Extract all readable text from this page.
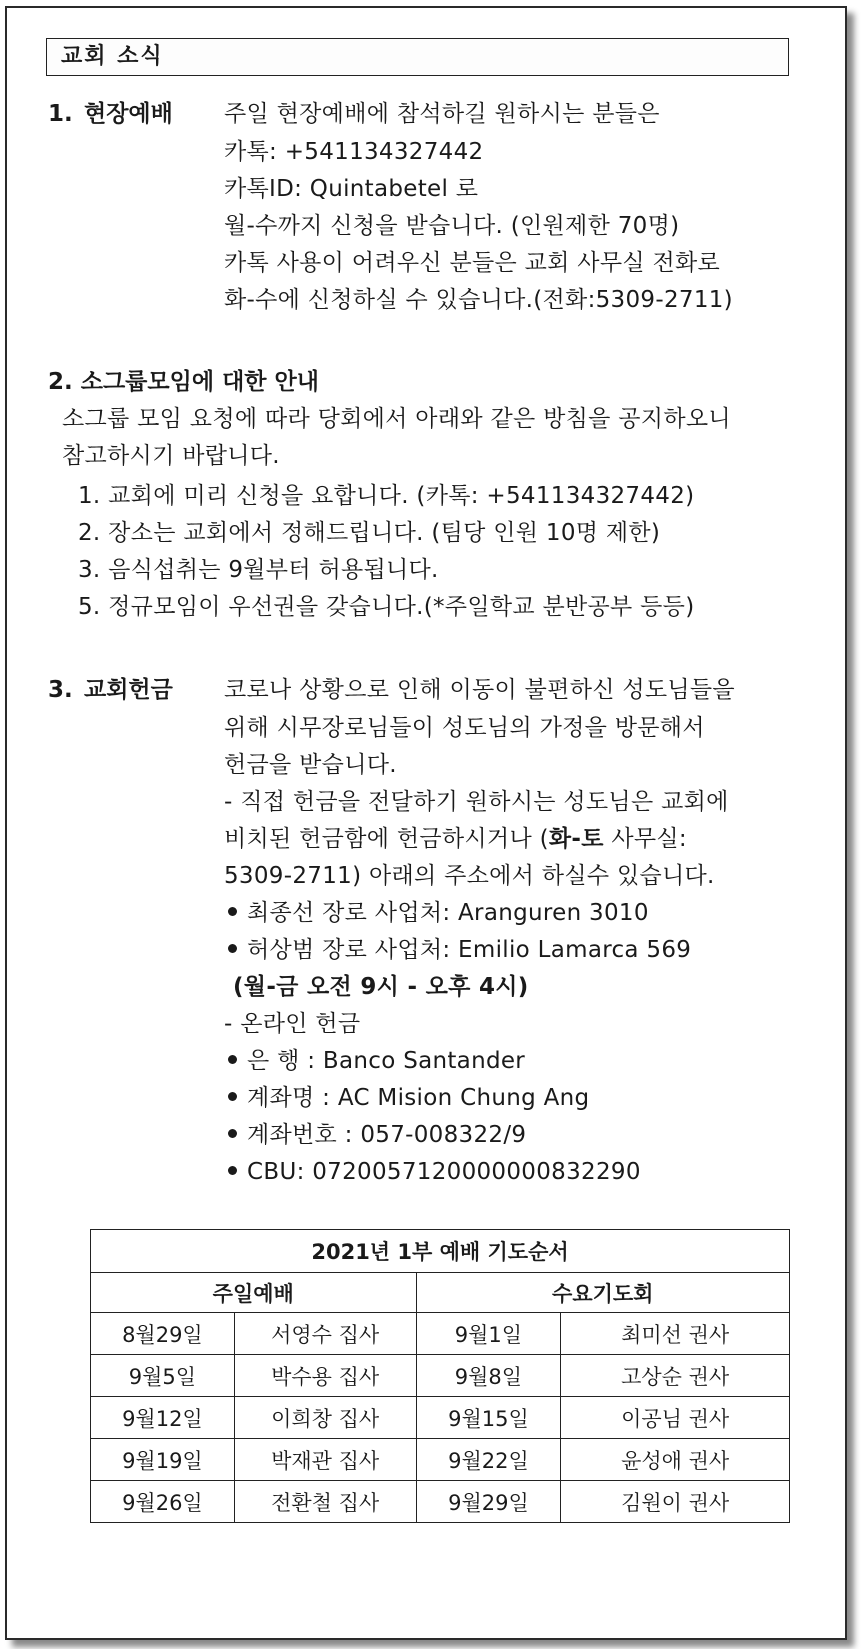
교회 소식
1. 현장예배 주일 현장예배에 참석하길 원하시는 분들은
카톡: +541134327442
카톡ID: Quintabetel 로
월-수까지 신청을 받습니다. (인원제한 70명)
카톡 사용이 어려우신 분들은 교회 사무실 전화로
화-수에 신청하실 수 있습니다.(전화:5309-2711)
2. 소그룹모임에 대한 안내
소그룹 모임 요청에 따라 당회에서 아래와 같은 방침을 공지하오니
참고하시기 바랍니다.
1. 교회에 미리 신청을 요합니다. (카톡: +541134327442)
2. 장소는 교회에서 정해드립니다. (팀당 인원 10명 제한)
3. 음식섭취는 9월부터 허용됩니다.
5. 정규모임이 우선권을 갖습니다.(*주일학교 분반공부 등등)
3. 교회헌금 코로나 상황으로 인해 이동이 불편하신 성도님들을
위해 시무장로님들이 성도님의 가정을 방문해서
헌금을 받습니다.
- 직접 헌금을 전달하기 원하시는 성도님은 교회에
비치된 헌금함에 헌금하시거나 (화-토 사무실:
5309-2711) 아래의 주소에서 하실수 있습니다.
최종선 장로 사업처: Aranguren 3010
허상범 장로 사업처: Emilio Lamarca 569
(월-금 오전 9시 - 오후 4시)
- 온라인 헌금
은 행 : Banco Santander
계좌명 : AC Mision Chung Ang
계좌번호 : 057-008322/9
CBU: 0720057120000000832290
2021년 1부 예배 기도순서			
주일예배		수요기도회	
8월29일	서영수 집사	9월1일	최미선 권사
9월5일	박수용 집사	9월8일	고상순 권사
9월12일	이희창 집사	9월15일	이공님 권사
9월19일	박재관 집사	9월22일	윤성애 권사
9월26일	전환철 집사	9월29일	김원이 권사
